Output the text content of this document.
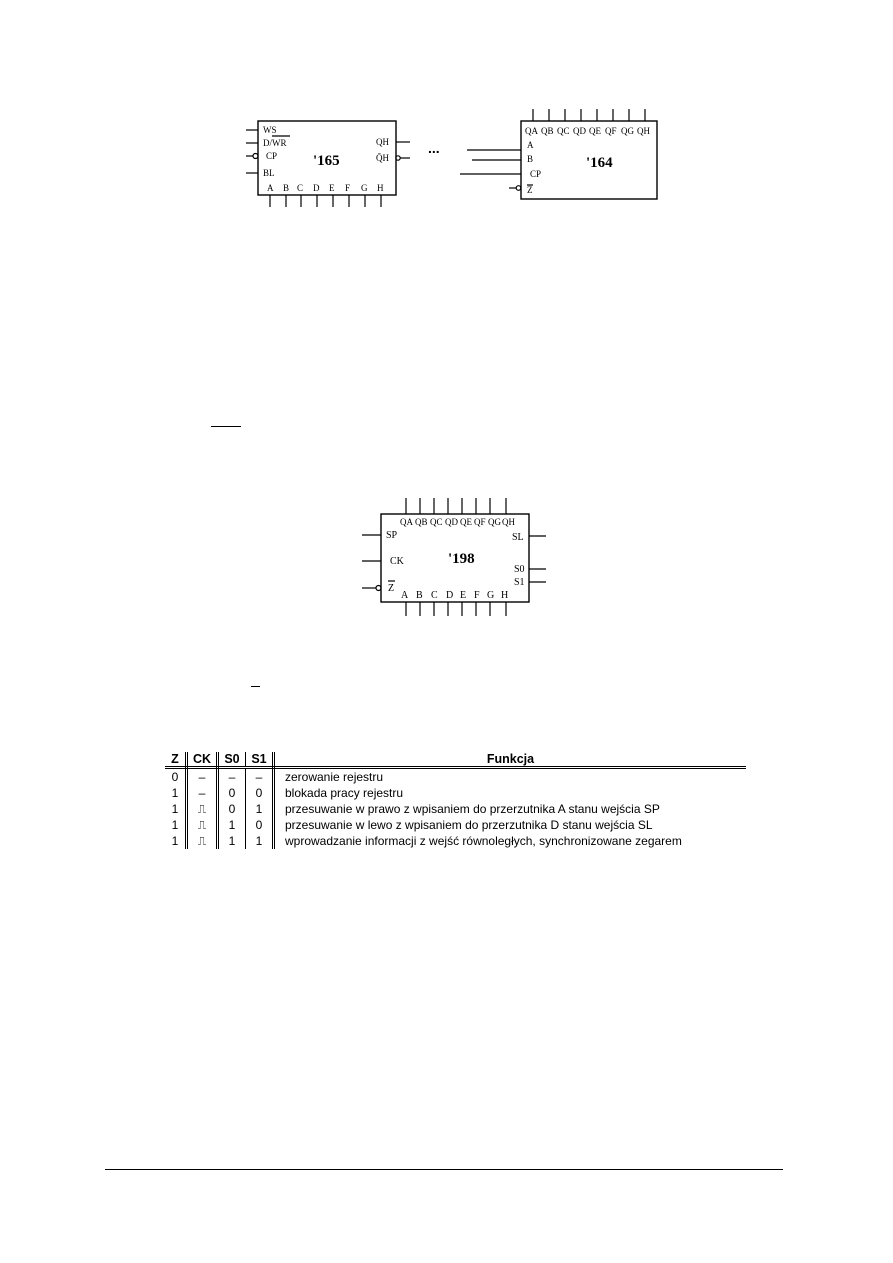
WS
D/WR
CP
BL
QH
Q̄H
'165
A B C D E F G H
...
QA QB QC QD QE QF QG QH
A
B
CP
Z
'164
QA QB QC QD QE QF QG QH
SP
CK
Z
SL
S0
S1
'198
A B C D E F G H
Z	CK	S0	S1	Funkcja
0	–	–	–	zerowanie rejestru
1	–	0	0	blokada pracy rejestru
1	⎍	0	1	przesuwanie w prawo z wpisaniem do przerzutnika A stanu wejścia SP
1	⎍	1	0	przesuwanie w lewo z wpisaniem do przerzutnika D stanu wejścia SL
1	⎍	1	1	wprowadzanie informacji z wejść równoległych, synchronizowane zegarem
